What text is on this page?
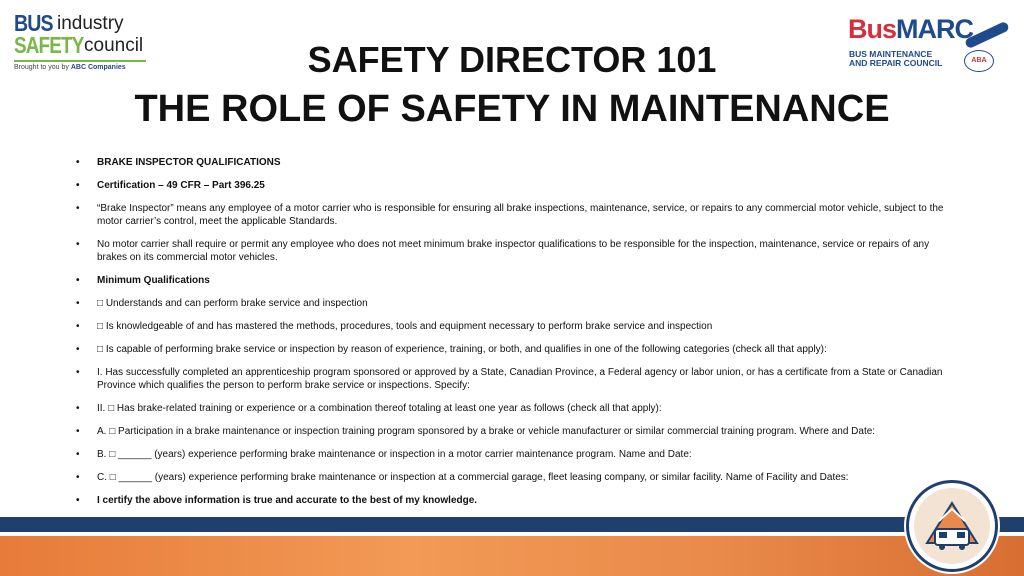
BUS industry
SAFETY council
Brought to you by ABC Companies
BusMARC
BUS MAINTENANCE
AND REPAIR COUNCIL	ABA
SAFETY DIRECTOR 101
THE ROLE OF SAFETY IN MAINTENANCE
• BRAKE INSPECTOR QUALIFICATIONS
• Certification – 49 CFR – Part 396.25
• “Brake Inspector” means any employee of a motor carrier who is responsible for ensuring all brake inspections, maintenance, service, or repairs to any commercial motor vehicle, subject to the motor carrier’s control, meet the applicable Standards.
• No motor carrier shall require or permit any employee who does not meet minimum brake inspector qualifications to be responsible for the inspection, maintenance, service or repairs of any brakes on its commercial motor vehicles.
• Minimum Qualifications
• □ Understands and can perform brake service and inspection
• □ Is knowledgeable of and has mastered the methods, procedures, tools and equipment necessary to perform brake service and inspection
• □ Is capable of performing brake service or inspection by reason of experience, training, or both, and qualifies in one of the following categories (check all that apply):
• I. Has successfully completed an apprenticeship program sponsored or approved by a State, Canadian Province, a Federal agency or labor union, or has a certificate from a State or Canadian Province which qualifies the person to perform brake service or inspections. Specify:
• II. □ Has brake-related training or experience or a combination thereof totaling at least one year as follows (check all that apply):
• A. □ Participation in a brake maintenance or inspection training program sponsored by a brake or vehicle manufacturer or similar commercial training program. Where and Date:
• B. □ ______ (years) experience performing brake maintenance or inspection in a motor carrier maintenance program. Name and Date:
• C. □ ______ (years) experience performing brake maintenance or inspection at a commercial garage, fleet leasing company, or similar facility. Name of Facility and Dates:
• I certify the above information is true and accurate to the best of my knowledge.
